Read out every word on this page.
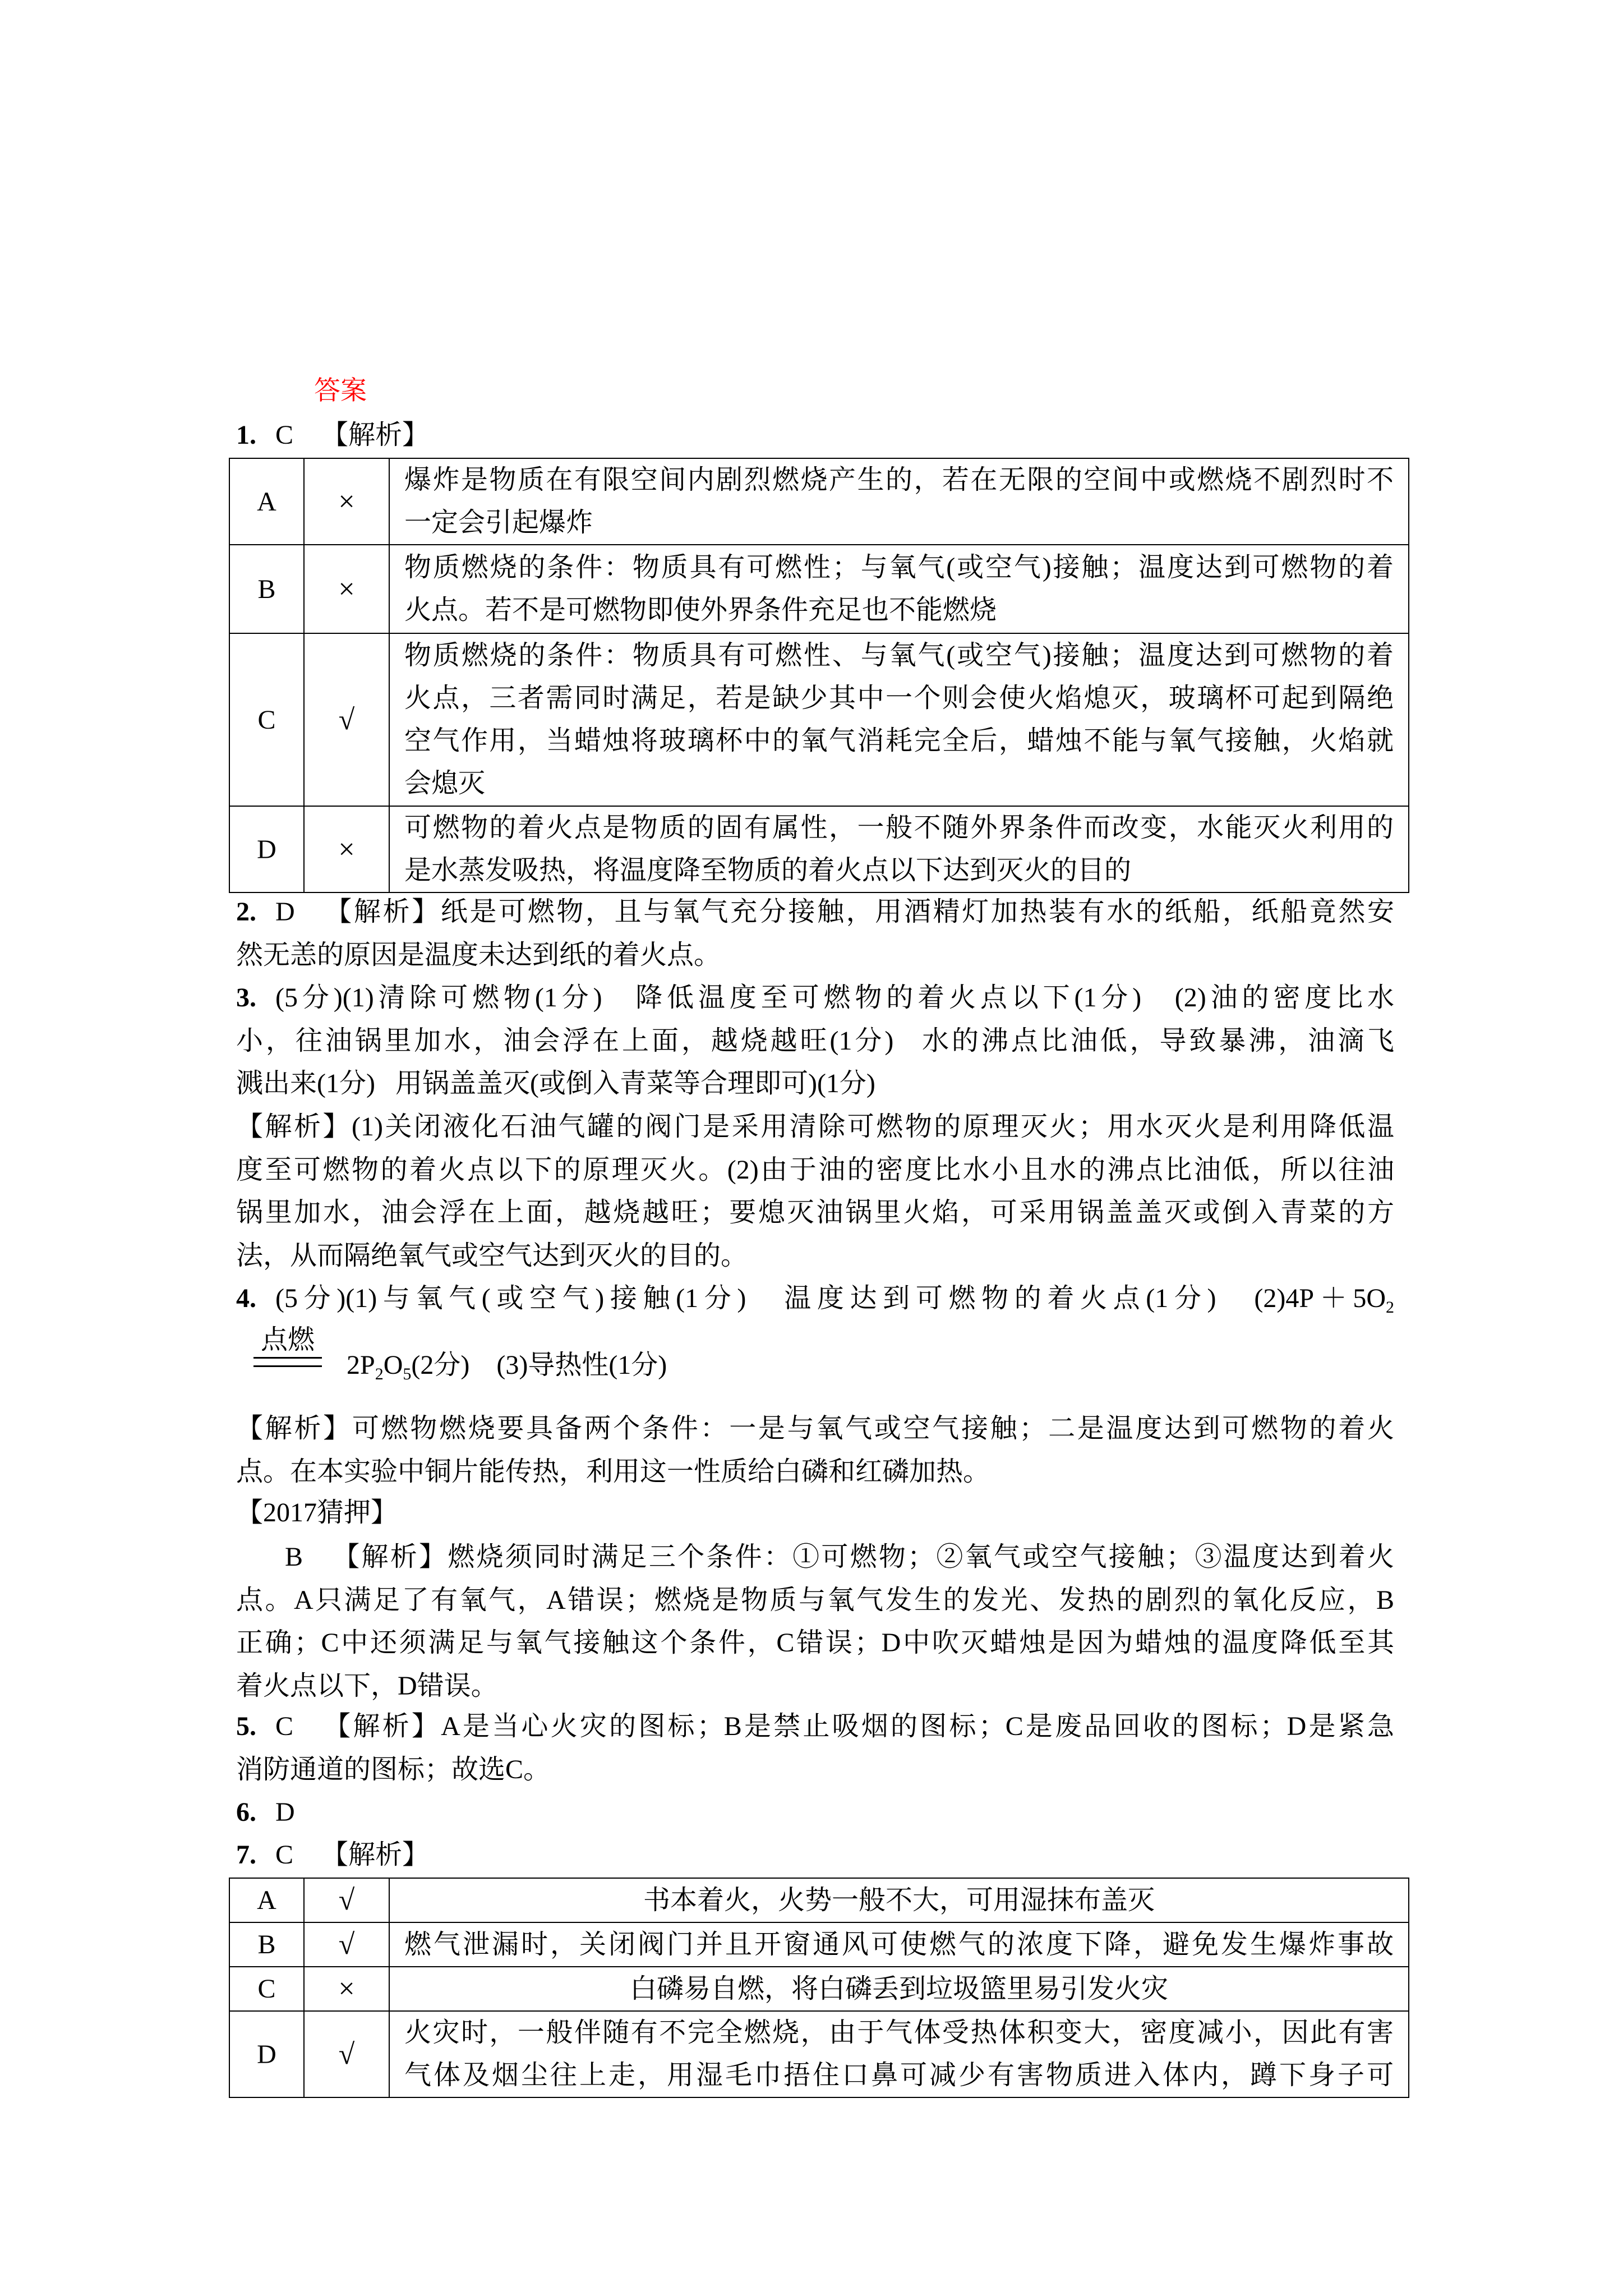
答案
1. C 【解析】
A	×	爆炸是物质在有限空间内剧烈燃烧产生的，若在无限的空间中或燃烧不剧烈时不
一定会引起爆炸

B	×	物质燃烧的条件：物质具有可燃性；与氧气(或空气)接触；温度达到可燃物的着
火点。若不是可燃物即使外界条件充足也不能燃烧

C	√	物质燃烧的条件：物质具有可燃性、与氧气(或空气)接触；温度达到可燃物的着
火点，三者需同时满足，若是缺少其中一个则会使火焰熄灭，玻璃杯可起到隔绝
空气作用，当蜡烛将玻璃杯中的氧气消耗完全后，蜡烛不能与氧气接触，火焰就
会熄灭

D	×	可燃物的着火点是物质的固有属性，一般不随外界条件而改变，水能灭火利用的
是水蒸发吸热，将温度降至物质的着火点以下达到灭火的目的
2. D 【解析】纸是可燃物，且与氧气充分接触，用酒精灯加热装有水的纸船，纸船竟然安
然无恙的原因是温度未达到纸的着火点。
3. (5分)(1)清除可燃物(1分)   降低温度至可燃物的着火点以下(1分)   (2)油的密度比水
小，往油锅里加水，油会浮在上面，越烧越旺(1分)   水的沸点比油低，导致暴沸，油滴飞
溅出来(1分)   用锅盖盖灭(或倒入青菜等合理即可)(1分)
【解析】(1)关闭液化石油气罐的阀门是采用清除可燃物的原理灭火；用水灭火是利用降低温
度至可燃物的着火点以下的原理灭火。(2)由于油的密度比水小且水的沸点比油低，所以往油
锅里加水，油会浮在上面，越烧越旺；要熄灭油锅里火焰，可采用锅盖盖灭或倒入青菜的方
法，从而隔绝氧气或空气达到灭火的目的。
4. (5分)(1)与氧气(或空气)接触(1分)   温度达到可燃物的着火点(1分)   $(2)4P+5O_2$
点燃
$2P_2O_5(2$分)    (3)导热性(1分)
【解析】可燃物燃烧要具备两个条件：一是与氧气或空气接触；二是温度达到可燃物的着火
点。在本实验中铜片能传热，利用这一性质给白磷和红磷加热。
【2017猜押】
B 【解析】燃烧须同时满足三个条件：①可燃物；②氧气或空气接触；③温度达到着火
点。A只满足了有氧气，A错误；燃烧是物质与氧气发生的发光、发热的剧烈的氧化反应，B
正确；C中还须满足与氧气接触这个条件，C错误；D中吹灭蜡烛是因为蜡烛的温度降低至其
着火点以下，D错误。
5. C 【解析】A是当心火灾的图标；B是禁止吸烟的图标；C是废品回收的图标；D是紧急
消防通道的图标；故选C。
6. D
7. C 【解析】
A	√	书本着火，火势一般不大，可用湿抹布盖灭

B	√	燃气泄漏时，关闭阀门并且开窗通风可使燃气的浓度下降，避免发生爆炸事故

C	×	白磷易自燃，将白磷丢到垃圾篮里易引发火灾

D	√	火灾时，一般伴随有不完全燃烧，由于气体受热体积变大，密度减小，因此有害
气体及烟尘往上走，用湿毛巾捂住口鼻可减少有害物质进入体内，蹲下身子可
